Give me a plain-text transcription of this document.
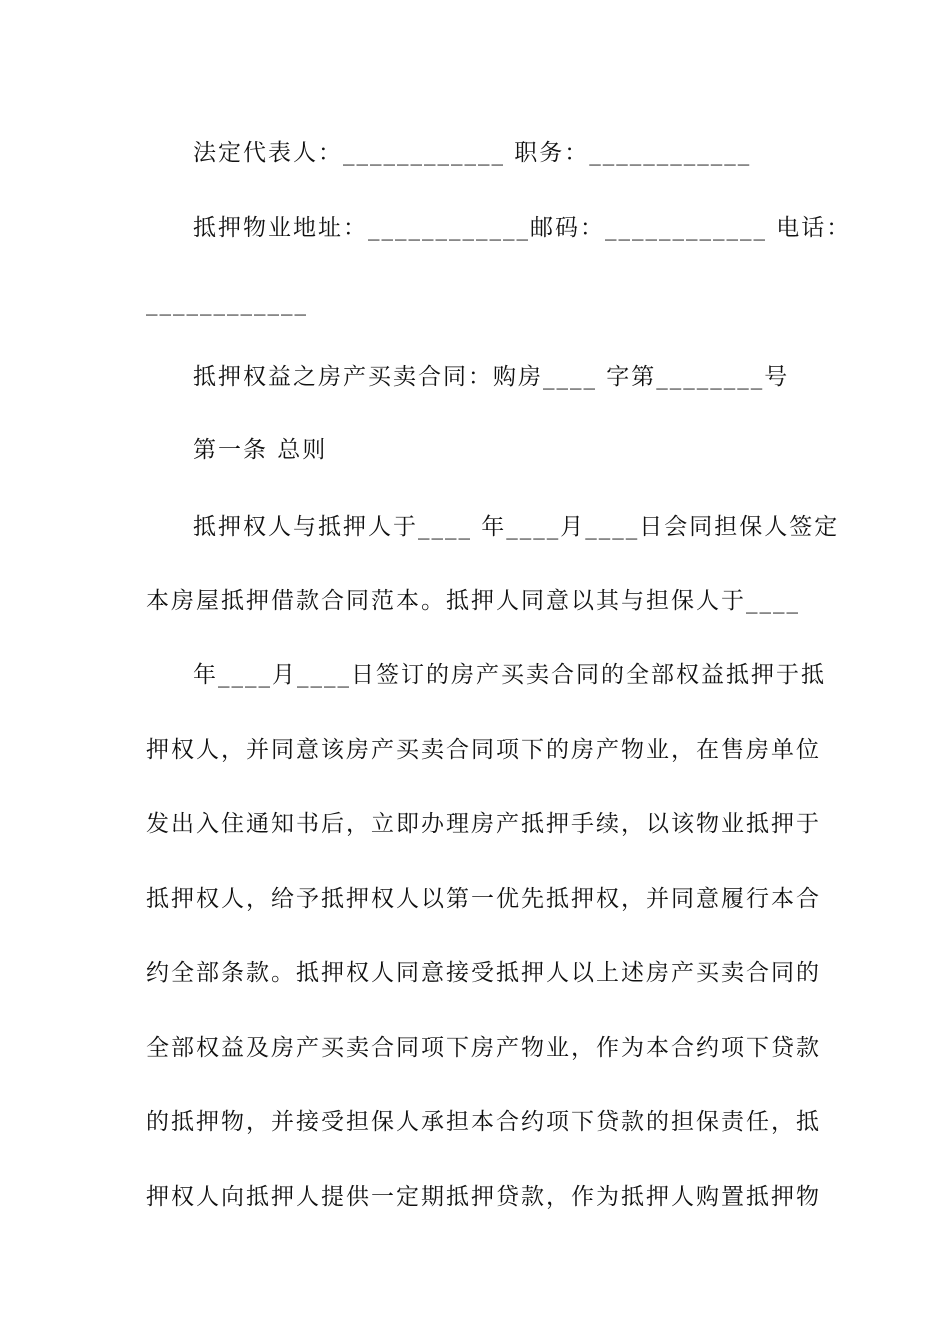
法定代表人：____________ 职务：____________
抵押物业地址：____________邮码：____________ 电话：
____________
抵押权益之房产买卖合同：购房____ 字第________号
第一条 总则
抵押权人与抵押人于____ 年____月____日会同担保人签定
本房屋抵押借款合同范本。抵押人同意以其与担保人于____
年____月____日签订的房产买卖合同的全部权益抵押于抵
押权人，并同意该房产买卖合同项下的房产物业，在售房单位
发出入住通知书后，立即办理房产抵押手续，以该物业抵押于
抵押权人，给予抵押权人以第一优先抵押权，并同意履行本合
约全部条款。抵押权人同意接受抵押人以上述房产买卖合同的
全部权益及房产买卖合同项下房产物业，作为本合约项下贷款
的抵押物，并接受担保人承担本合约项下贷款的担保责任，抵
押权人向抵押人提供一定期抵押贷款，作为抵押人购置抵押物
